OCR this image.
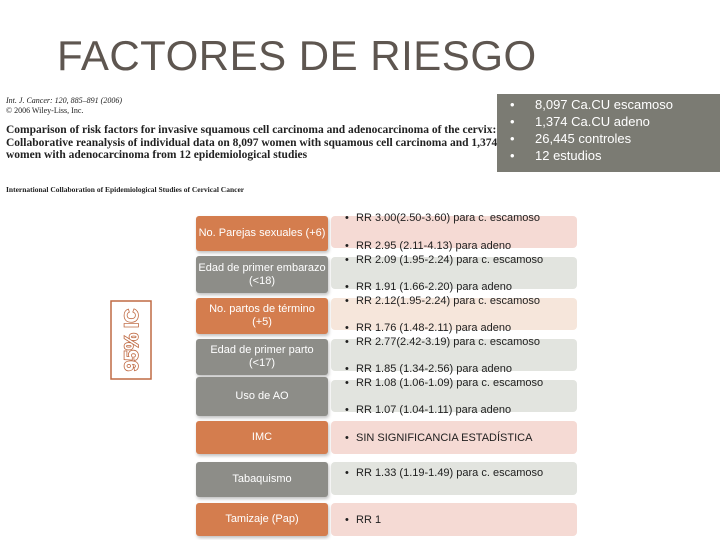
FACTORES DE RIESGO
Int. J. Cancer: 120, 885–891 (2006)
© 2006 Wiley-Liss, Inc.
Comparison of risk factors for invasive squamous cell carcinoma and adenocarcinoma of the cervix: Collaborative reanalysis of individual data on 8,097 women with squamous cell carcinoma and 1,374 women with adenocarcinoma from 12 epidemiological studies
International Collaboration of Epidemiological Studies of Cervical Cancer
• 8,097 Ca.CU escamoso
• 1,374 Ca.CU adeno
• 26,445 controles
• 12 estudios
95% IC
No. Parejas sexuales (+6)
Edad de primer embarazo (<18)
No. partos de término (+5)
Edad de primer parto (<17)
Uso de AO
IMC
Tabaquismo
Tamizaje (Pap)
• RR 3.00(2.50-3.60) para c. escamoso
• RR 2.95 (2.11-4.13) para adeno
• RR 2.09 (1.95-2.24) para c. escamoso
• RR 1.91 (1.66-2.20) para adeno
• RR 2.12(1.95-2.24) para c. escamoso
• RR 1.76 (1.48-2.11) para adeno
• RR 2.77(2.42-3.19) para c. escamoso
• RR 1.85 (1.34-2.56) para adeno
• RR 1.08 (1.06-1.09) para c. escamoso
• RR 1.07 (1.04-1.11) para adeno
• SIN SIGNIFICANCIA ESTADÍSTICA
• RR 1.33 (1.19-1.49) para c. escamoso
• RR 1
